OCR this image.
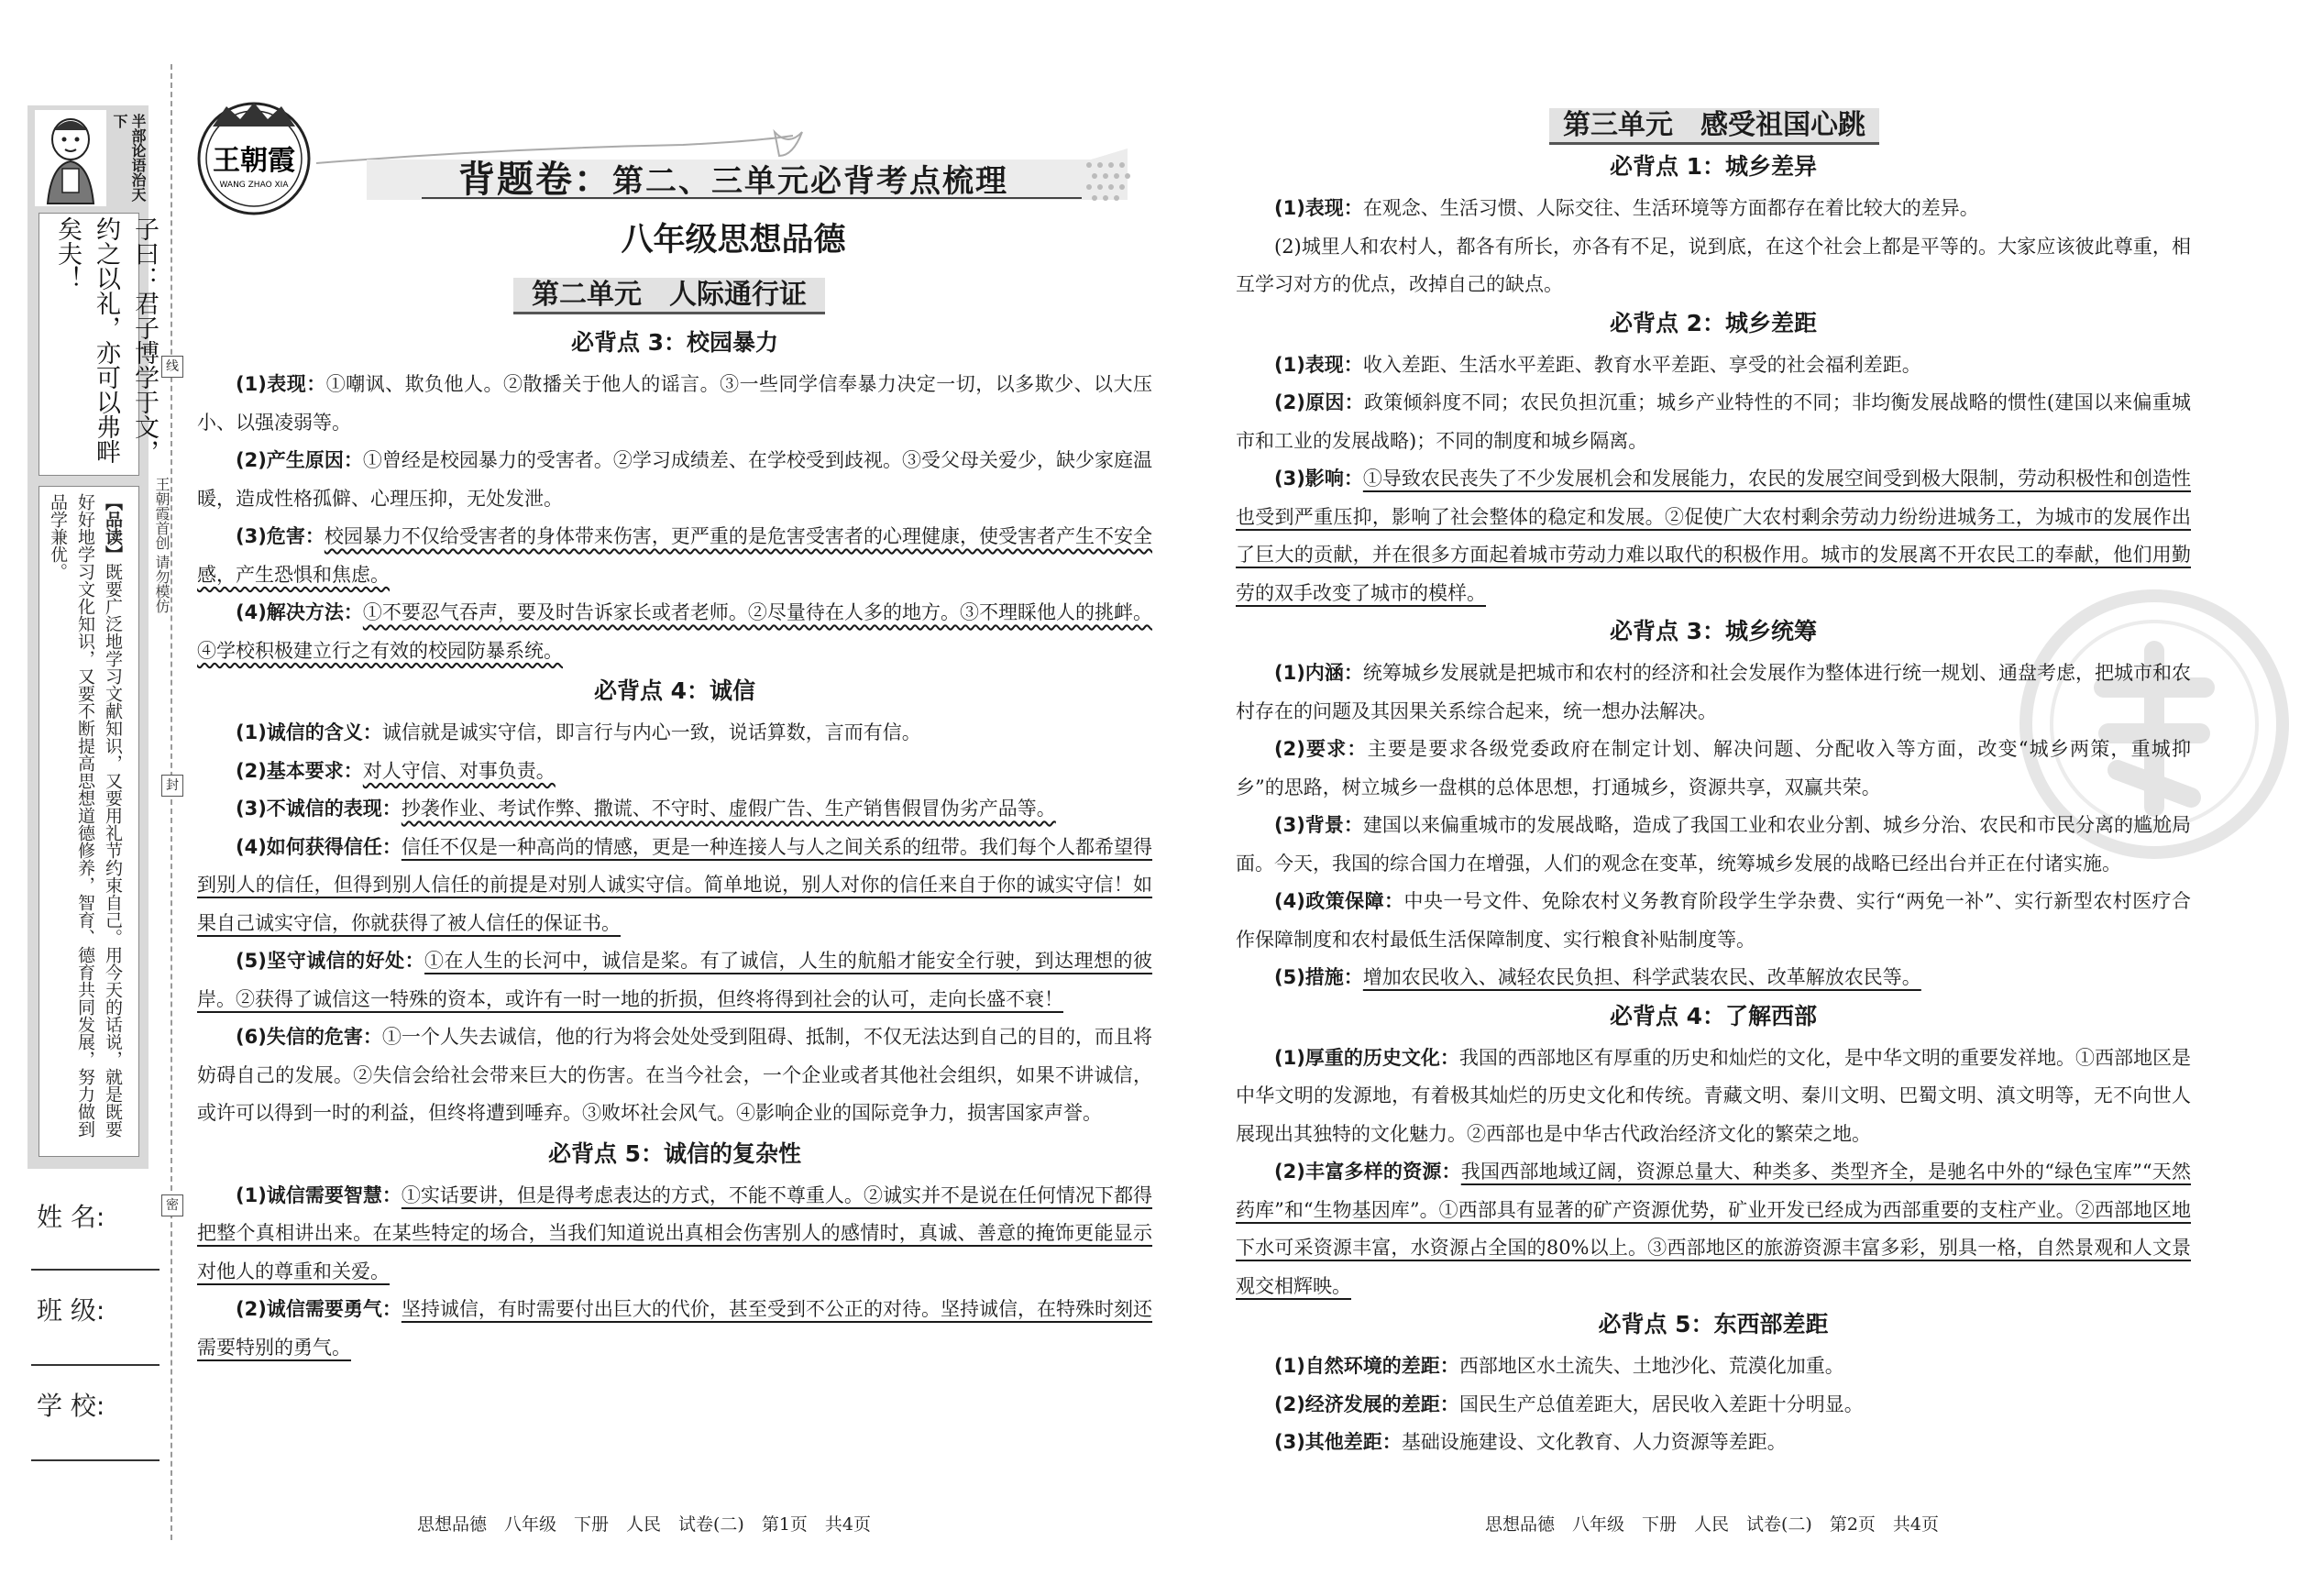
半部论语治天下
子曰：君子博学于文，约之以礼，亦可以弗畔矣夫！
【品读】既要广泛地学习文献知识，又要用礼节约束自己。用今天的话说，就是既要好好地学习文化知识，又要不断提高思想道德修养，智育、德育共同发展，努力做到品学兼优。	王朝霞首创 请勿模仿
线
封
密
姓 名:
班 级:
学 校:
王朝霞
WANG ZHAO XIA	背题卷：第二、三单元必背考点梳理
八年级思想品德
第二单元　人际通行证
必背点 3：校园暴力

(1)表现：①嘲讽、欺负他人。②散播关于他人的谣言。③一些同学信奉暴力决定一切，以多欺少、以大压小、以强凌弱等。

(2)产生原因：①曾经是校园暴力的受害者。②学习成绩差、在学校受到歧视。③受父母关爱少，缺少家庭温暖，造成性格孤僻、心理压抑，无处发泄。

(3)危害：校园暴力不仅给受害者的身体带来伤害，更严重的是危害受害者的心理健康，使受害者产生不安全感，产生恐惧和焦虑。

(4)解决方法：①不要忍气吞声，要及时告诉家长或者老师。②尽量待在人多的地方。③不理睬他人的挑衅。④学校积极建立行之有效的校园防暴系统。

必背点 4：诚信

(1)诚信的含义：诚信就是诚实守信，即言行与内心一致，说话算数，言而有信。

(2)基本要求：对人守信、对事负责。

(3)不诚信的表现：抄袭作业、考试作弊、撒谎、不守时、虚假广告、生产销售假冒伪劣产品等。

(4)如何获得信任：信任不仅是一种高尚的情感，更是一种连接人与人之间关系的纽带。我们每个人都希望得到别人的信任，但得到别人信任的前提是对别人诚实守信。简单地说，别人对你的信任来自于你的诚实守信！如果自己诚实守信，你就获得了被人信任的保证书。

(5)坚守诚信的好处：①在人生的长河中，诚信是桨。有了诚信，人生的航船才能安全行驶，到达理想的彼岸。②获得了诚信这一特殊的资本，或许有一时一地的折损，但终将得到社会的认可，走向长盛不衰！

(6)失信的危害：①一个人失去诚信，他的行为将会处处受到阻碍、抵制，不仅无法达到自己的目的，而且将妨碍自己的发展。②失信会给社会带来巨大的伤害。在当今社会，一个企业或者其他社会组织，如果不讲诚信，或许可以得到一时的利益，但终将遭到唾弃。③败坏社会风气。④影响企业的国际竞争力，损害国家声誉。

必背点 5：诚信的复杂性

(1)诚信需要智慧：①实话要讲，但是得考虑表达的方式，不能不尊重人。②诚实并不是说在任何情况下都得把整个真相讲出来。在某些特定的场合，当我们知道说出真相会伤害别人的感情时，真诚、善意的掩饰更能显示对他人的尊重和关爱。

(2)诚信需要勇气：坚持诚信，有时需要付出巨大的代价，甚至受到不公正的对待。坚持诚信，在特殊时刻还需要特别的勇气。

思想品德　八年级　下册　人民　试卷(二)　第1页　共4页
第三单元　感受祖国心跳
必背点 1：城乡差异

(1)表现：在观念、生活习惯、人际交往、生活环境等方面都存在着比较大的差异。

(2)城里人和农村人，都各有所长，亦各有不足，说到底，在这个社会上都是平等的。大家应该彼此尊重，相互学习对方的优点，改掉自己的缺点。

必背点 2：城乡差距

(1)表现：收入差距、生活水平差距、教育水平差距、享受的社会福利差距。

(2)原因：政策倾斜度不同；农民负担沉重；城乡产业特性的不同；非均衡发展战略的惯性(建国以来偏重城市和工业的发展战略)；不同的制度和城乡隔离。

(3)影响：①导致农民丧失了不少发展机会和发展能力，农民的发展空间受到极大限制，劳动积极性和创造性也受到严重压抑，影响了社会整体的稳定和发展。②促使广大农村剩余劳动力纷纷进城务工，为城市的发展作出了巨大的贡献，并在很多方面起着城市劳动力难以取代的积极作用。城市的发展离不开农民工的奉献，他们用勤劳的双手改变了城市的模样。

必背点 3：城乡统筹

(1)内涵：统筹城乡发展就是把城市和农村的经济和社会发展作为整体进行统一规划、通盘考虑，把城市和农村存在的问题及其因果关系综合起来，统一想办法解决。

(2)要求：主要是要求各级党委政府在制定计划、解决问题、分配收入等方面，改变“城乡两策，重城抑乡”的思路，树立城乡一盘棋的总体思想，打通城乡，资源共享，双赢共荣。

(3)背景：建国以来偏重城市的发展战略，造成了我国工业和农业分割、城乡分治、农民和市民分离的尴尬局面。今天，我国的综合国力在增强，人们的观念在变革，统筹城乡发展的战略已经出台并正在付诸实施。

(4)政策保障：中央一号文件、免除农村义务教育阶段学生学杂费、实行“两免一补”、实行新型农村医疗合作保障制度和农村最低生活保障制度、实行粮食补贴制度等。

(5)措施：增加农民收入、减轻农民负担、科学武装农民、改革解放农民等。

必背点 4：了解西部

(1)厚重的历史文化：我国的西部地区有厚重的历史和灿烂的文化，是中华文明的重要发祥地。①西部地区是中华文明的发源地，有着极其灿烂的历史文化和传统。青藏文明、秦川文明、巴蜀文明、滇文明等，无不向世人展现出其独特的文化魅力。②西部也是中华古代政治经济文化的繁荣之地。

(2)丰富多样的资源：我国西部地域辽阔，资源总量大、种类多、类型齐全，是驰名中外的“绿色宝库”“天然药库”和“生物基因库”。①西部具有显著的矿产资源优势，矿业开发已经成为西部重要的支柱产业。②西部地区地下水可采资源丰富，水资源占全国的80%以上。③西部地区的旅游资源丰富多彩，别具一格，自然景观和人文景观交相辉映。

必背点 5：东西部差距

(1)自然环境的差距：西部地区水土流失、土地沙化、荒漠化加重。

(2)经济发展的差距：国民生产总值差距大，居民收入差距十分明显。

(3)其他差距：基础设施建设、文化教育、人力资源等差距。

思想品德　八年级　下册　人民　试卷(二)　第2页　共4页
